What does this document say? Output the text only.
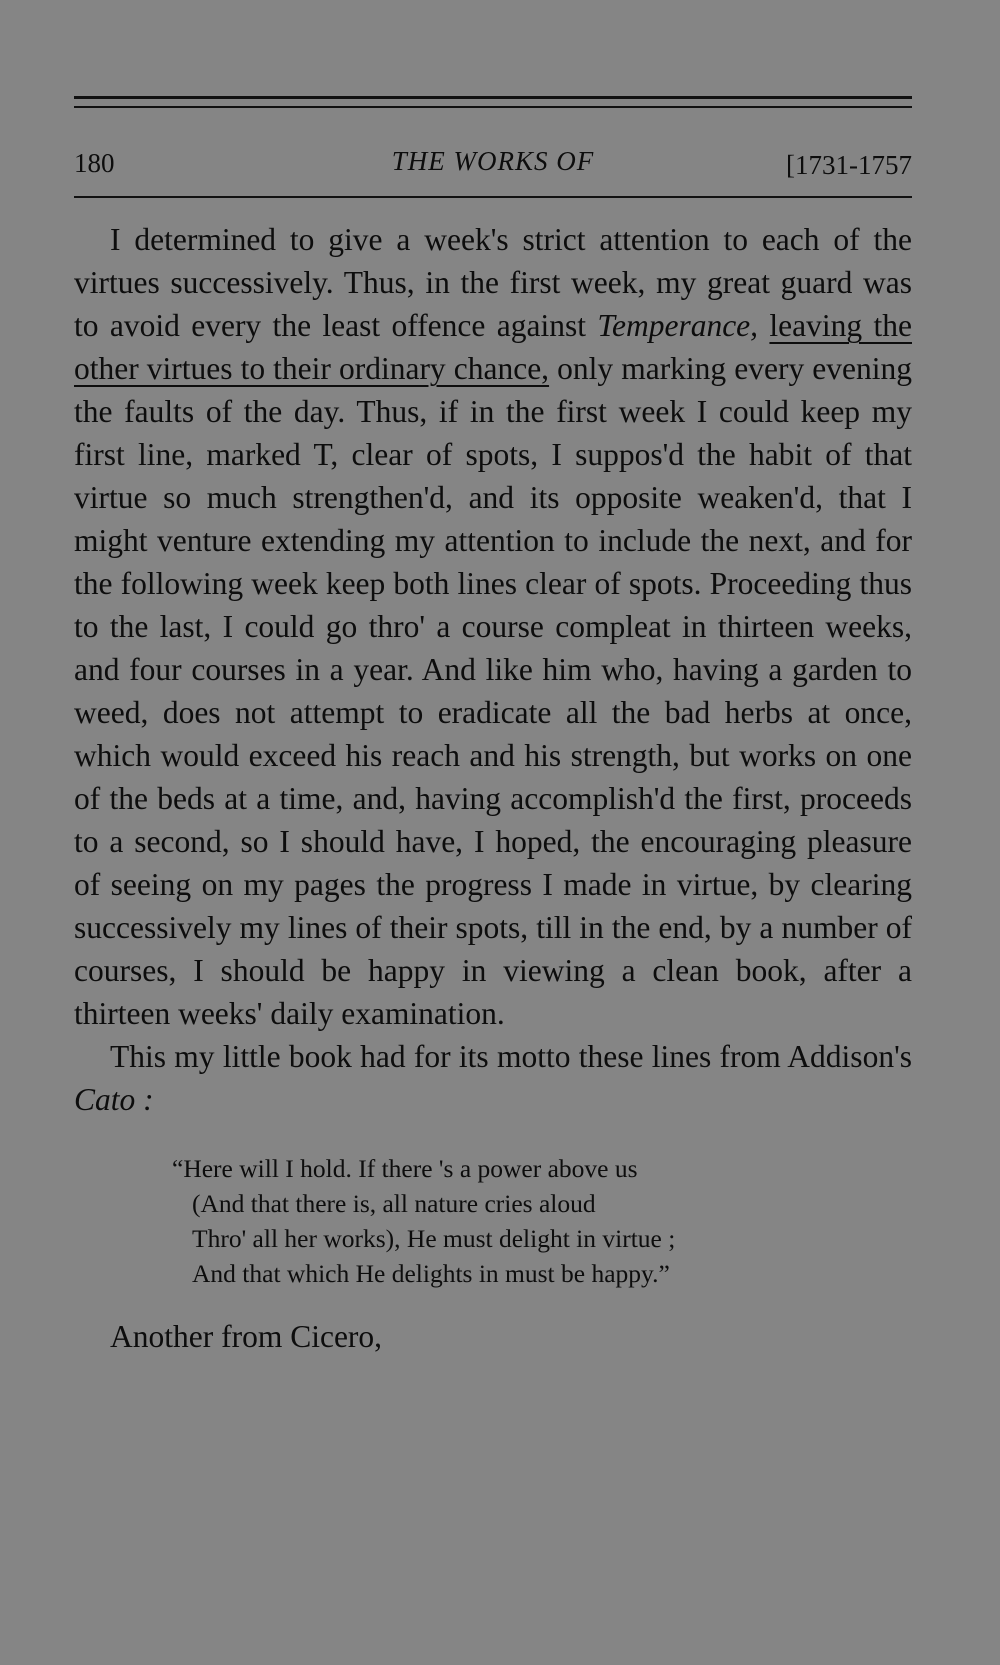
180	THE WORKS OF	[1731-1757

I determined to give a week's strict attention to each of the virtues successively. Thus, in the first week, my great guard was to avoid every the least offence against Temperance, leaving the other virtues to their ordinary chance, only marking every evening the faults of the day. Thus, if in the first week I could keep my first line, marked T, clear of spots, I suppos'd the habit of that virtue so much strengthen'd, and its opposite weaken'd, that I might venture extending my attention to include the next, and for the following week keep both lines clear of spots. Proceeding thus to the last, I could go thro' a course compleat in thirteen weeks, and four courses in a year. And like him who, having a garden to weed, does not attempt to eradicate all the bad herbs at once, which would exceed his reach and his strength, but works on one of the beds at a time, and, having accomplish'd the first, proceeds to a second, so I should have, I hoped, the encouraging pleasure of seeing on my pages the progress I made in virtue, by clearing successively my lines of their spots, till in the end, by a number of courses, I should be happy in viewing a clean book, after a thirteen weeks' daily examination.

This my little book had for its motto these lines from Addison's Cato :

“Here will I hold. If there 's a power above us
(And that there is, all nature cries aloud
Thro' all her works), He must delight in virtue ;
And that which He delights in must be happy.”

Another from Cicero,
